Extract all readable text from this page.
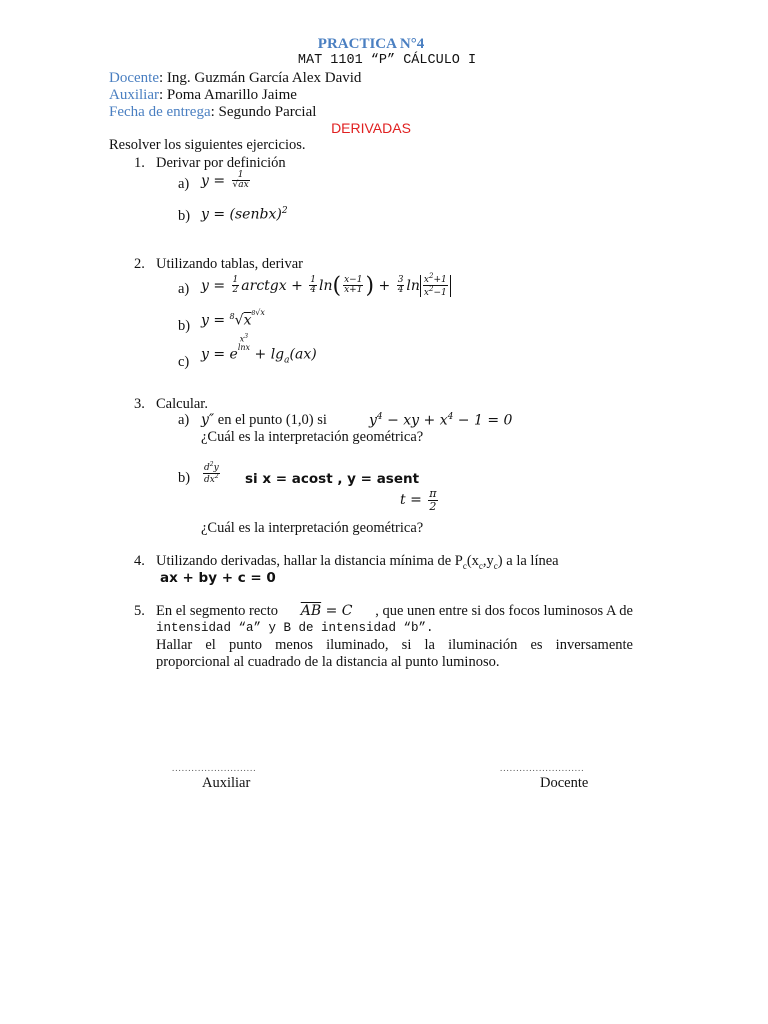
PRACTICA N°4
MAT 1101 “P” CÁLCULO I
Docente: Ing. Guzmán García Alex David
Auxiliar: Poma Amarillo Jaime
Fecha de entrega: Segundo Parcial
DERIVADAS
Resolver los siguientes ejercicios.
1. Derivar por definición
a) $y = \frac{1}{√ax}$
b) y = (senbx)$^2$
2. Utilizando tablas, derivar
a) $y = \frac{1}{2}$ arctgx + $\frac{1}{4} \ln( \frac{x-1}{x+1}$ ) + $\frac{3}{4}$ $\ln \frac{x^2+1}{x^2-1}$
b) $y = ^8√x^{8√x}$
c) y = e
$x^3$
$\ln x + \lg_a(ax)$
3. Calcular.
a) y″ en el punto (1,0) si	$y^4$ − xy + $x^4 - 1 = 0$
¿Cuál es la interpretación geométrica?
$b) \frac{d^2y}{dx^2}$ si x = acost , y = asent
$t = \frac{\pi}{2}$
¿Cuál es la interpretación geométrica?
4. Utilizando derivadas, hallar la distancia mínima de $P_c(x_c,y_c)$ a la línea
ax + by + c = 0
5. En el segmento recto $\overline{AB} = C$ , que unen entre si dos focos luminosos A de
intensidad “a” y B de intensidad “b”.
Hallar el punto menos iluminado, si la iluminación es inversamente
proporcional al cuadrado de la distancia al punto luminoso.
..........................
Auxiliar
..........................
Docente
